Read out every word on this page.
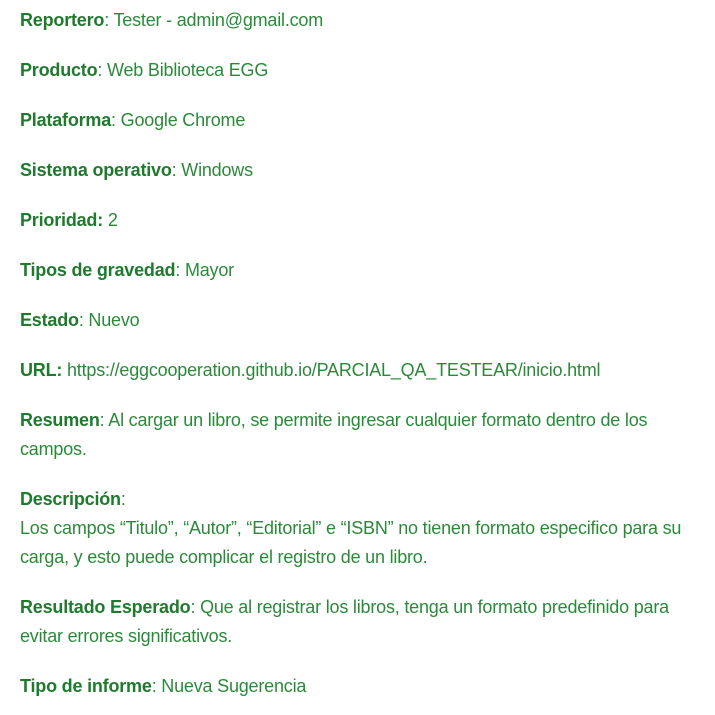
Reportero: Tester - admin@gmail.com

Producto: Web Biblioteca EGG

Plataforma: Google Chrome

Sistema operativo: Windows

Prioridad: 2

Tipos de gravedad: Mayor

Estado: Nuevo

URL: https://eggcooperation.github.io/PARCIAL_QA_TESTEAR/inicio.html

Resumen: Al cargar un libro, se permite ingresar cualquier formato dentro de los campos.

Descripción:
Los campos “Titulo”, “Autor”, “Editorial” e “ISBN” no tienen formato especifico para su carga, y esto puede complicar el registro de un libro.

Resultado Esperado: Que al registrar los libros, tenga un formato predefinido para evitar errores significativos.

Tipo de informe: Nueva Sugerencia
